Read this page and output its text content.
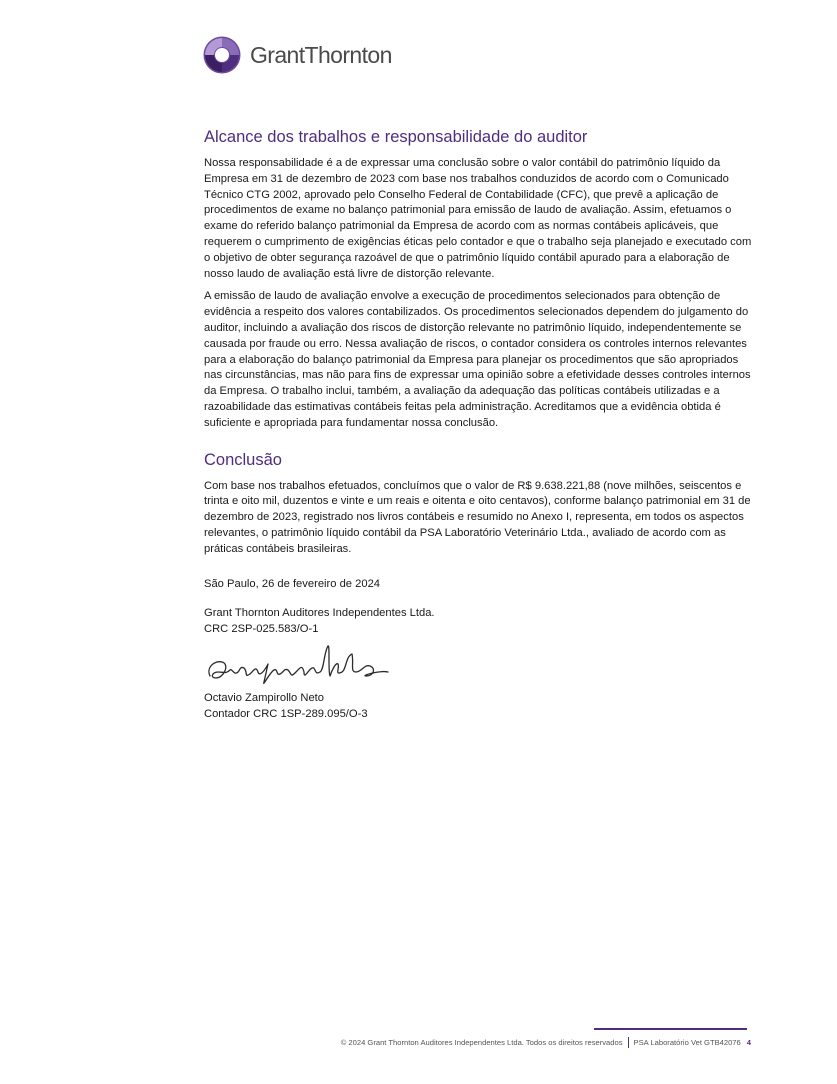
GrantThornton
Alcance dos trabalhos e responsabilidade do auditor

Nossa responsabilidade é a de expressar uma conclusão sobre o valor contábil do patrimônio líquido da Empresa em 31 de dezembro de 2023 com base nos trabalhos conduzidos de acordo com o Comunicado Técnico CTG 2002, aprovado pelo Conselho Federal de Contabilidade (CFC), que prevê a aplicação de procedimentos de exame no balanço patrimonial para emissão de laudo de avaliação. Assim, efetuamos o exame do referido balanço patrimonial da Empresa de acordo com as normas contábeis aplicáveis, que requerem o cumprimento de exigências éticas pelo contador e que o trabalho seja planejado e executado com o objetivo de obter segurança razoável de que o patrimônio líquido contábil apurado para a elaboração de nosso laudo de avaliação está livre de distorção relevante.

A emissão de laudo de avaliação envolve a execução de procedimentos selecionados para obtenção de evidência a respeito dos valores contabilizados. Os procedimentos selecionados dependem do julgamento do auditor, incluindo a avaliação dos riscos de distorção relevante no patrimônio líquido, independentemente se causada por fraude ou erro. Nessa avaliação de riscos, o contador considera os controles internos relevantes para a elaboração do balanço patrimonial da Empresa para planejar os procedimentos que são apropriados nas circunstâncias, mas não para fins de expressar uma opinião sobre a efetividade desses controles internos da Empresa. O trabalho inclui, também, a avaliação da adequação das políticas contábeis utilizadas e a razoabilidade das estimativas contábeis feitas pela administração. Acreditamos que a evidência obtida é suficiente e apropriada para fundamentar nossa conclusão.

Conclusão

Com base nos trabalhos efetuados, concluímos que o valor de R$ 9.638.221,88 (nove milhões, seiscentos e trinta e oito mil, duzentos e vinte e um reais e oitenta e oito centavos), conforme balanço patrimonial em 31 de dezembro de 2023, registrado nos livros contábeis e resumido no Anexo I, representa, em todos os aspectos relevantes, o patrimônio líquido contábil da PSA Laboratório Veterinário Ltda., avaliado de acordo com as práticas contábeis brasileiras.

São Paulo, 26 de fevereiro de 2024
Grant Thornton Auditores Independentes Ltda.
CRC 2SP-025.583/O-1
Octavio Zampirollo Neto
Contador CRC 1SP-289.095/O-3
© 2024 Grant Thornton Auditores Independentes Ltda. Todos os direitos reservados PSA Laboratório Vet GTB42076 4
